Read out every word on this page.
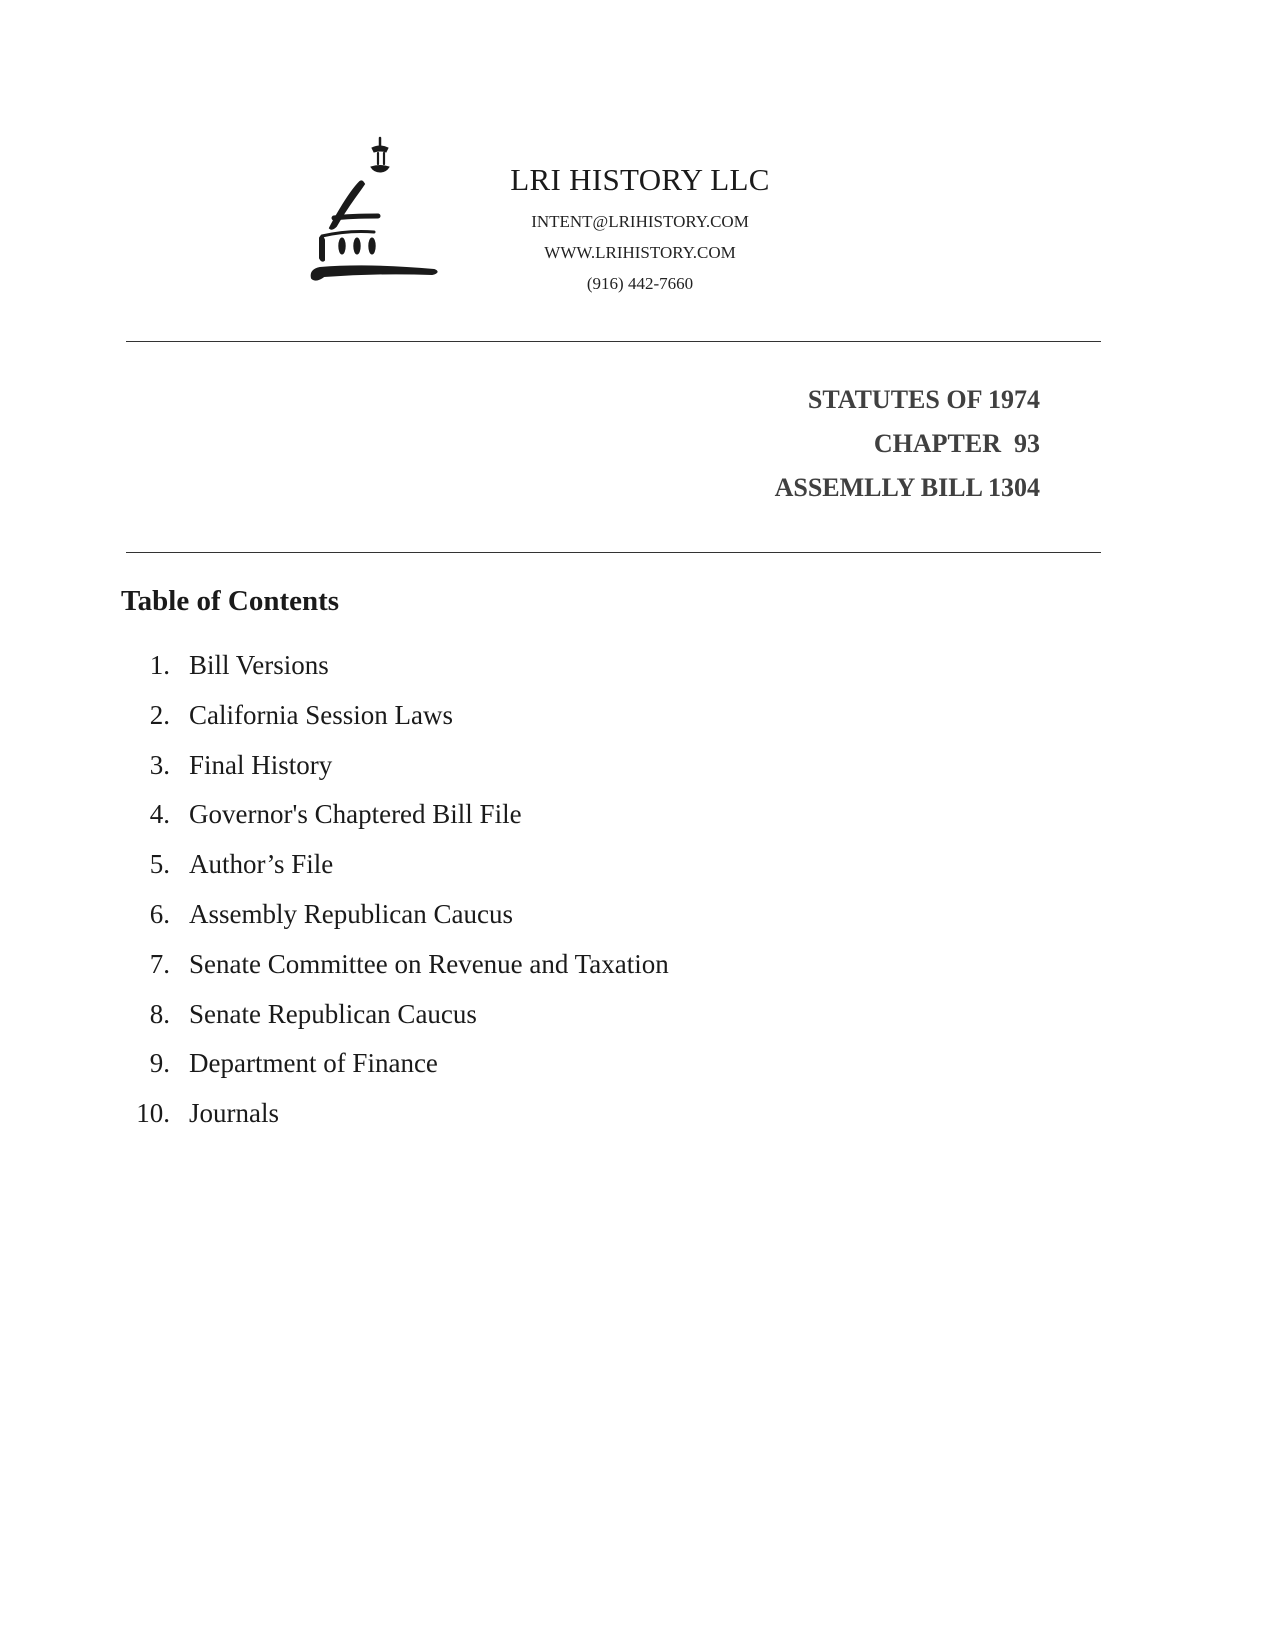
LRI HISTORY LLC
INTENT@LRIHISTORY.COM
WWW.LRIHISTORY.COM
(916) 442-7660
STATUTES OF 1974
CHAPTER  93
ASSEMLLY BILL 1304
Table of Contents
1. Bill Versions
2. California Session Laws
3. Final History
4. Governor's Chaptered Bill File
5. Author’s File
6. Assembly Republican Caucus
7. Senate Committee on Revenue and Taxation
8. Senate Republican Caucus
9. Department of Finance
10. Journals
